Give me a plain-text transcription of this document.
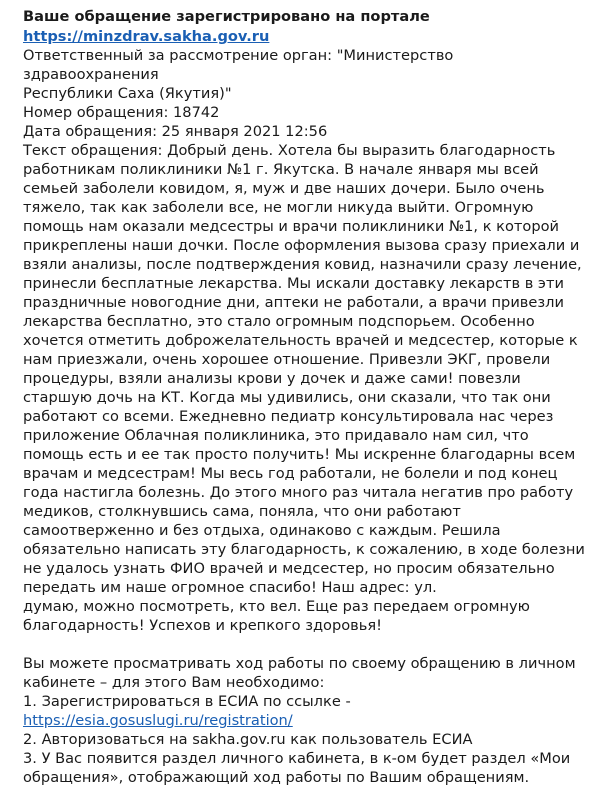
Ваше обращение зарегистрировано на портале
https://minzdrav.sakha.gov.ru
Ответственный за рассмотрение орган: "Министерство здравоохранения
Республики Саха (Якутия)"
Номер обращения: 18742
Дата обращения: 25 января 2021 12:56
Текст обращения: Добрый день. Хотела бы выразить благодарность работникам поликлиники №1 г. Якутска. В начале января мы всей семьей заболели ковидом, я, муж и две наших дочери. Было очень тяжело, так как заболели все, не могли никуда выйти. Огромную помощь нам оказали медсестры и врачи поликлиники №1, к которой прикреплены наши дочки. После оформления вызова сразу приехали и взяли анализы, после подтверждения ковид, назначили сразу лечение, принесли бесплатные лекарства. Мы искали доставку лекарств в эти праздничные новогодние дни, аптеки не работали, а врачи привезли лекарства бесплатно, это стало огромным подспорьем. Особенно хочется отметить доброжелательность врачей и медсестер, которые к нам приезжали, очень хорошее отношение. Привезли ЭКГ, провели процедуры, взяли анализы крови у дочек и даже сами! повезли старшую дочь на КТ. Когда мы удивились, они сказали, что так они работают со всеми. Ежедневно педиатр консультировала нас через приложение Облачная поликлиника, это придавало нам сил, что помощь есть и ее так просто получить! Мы искренне благодарны всем врачам и медсестрам! Мы весь год работали, не болели и под конец года настигла болезнь. До этого много раз читала негатив про работу медиков, столкнувшись сама, поняла, что они работают самоотверженно и без отдыха, одинаково с каждым. Решила обязательно написать эту благодарность, к сожалению, в ходе болезни не удалось узнать ФИО врачей и медсестер, но просим обязательно передать им наше огромное спасибо! Наш адрес: ул.  думаю, можно посмотреть, кто вел. Еще раз передаем огромную благодарность! Успехов и крепкого здоровья!
Вы можете просматривать ход работы по своему обращению в личном кабинете – для этого Вам необходимо:
1. Зарегистрироваться в ЕСИА по ссылке - https://esia.gosuslugi.ru/registration/
2. Авторизоваться на sakha.gov.ru как пользователь ЕСИА
3. У Вас появится раздел личного кабинета, в к-ом будет раздел «Мои обращения», отображающий ход работы по Вашим обращениям.
